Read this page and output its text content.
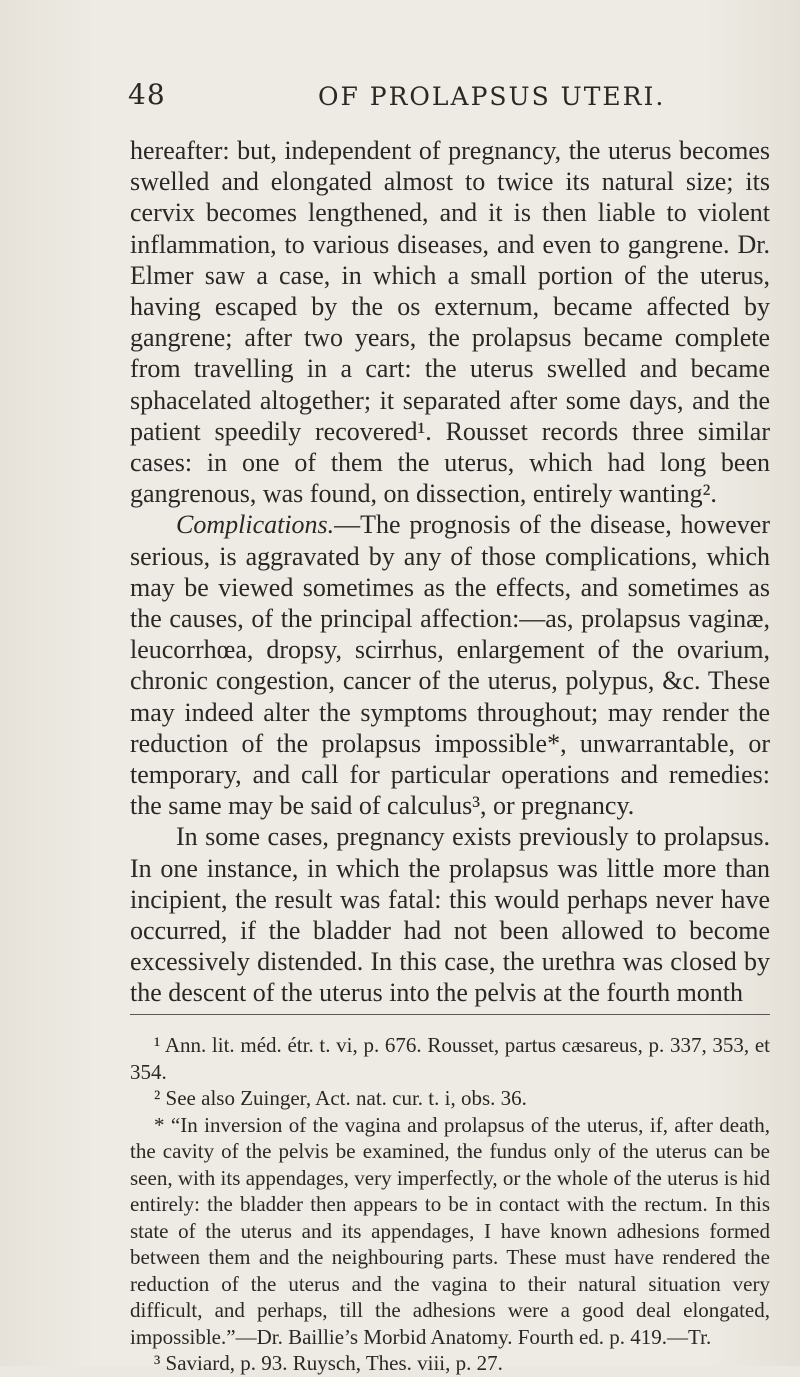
48	OF PROLAPSUS UTERI.

hereafter: but, independent of pregnancy, the uterus becomes swelled and elongated almost to twice its natural size; its cervix becomes lengthened, and it is then liable to violent inflammation, to various diseases, and even to gangrene. Dr. Elmer saw a case, in which a small portion of the uterus, having escaped by the os externum, became affected by gangrene; after two years, the prolapsus became complete from travelling in a cart: the uterus swelled and became sphacelated altogether; it separated after some days, and the patient speedily recovered¹. Rousset records three similar cases: in one of them the uterus, which had long been gangrenous, was found, on dissection, entirely wanting².

Complications.—The prognosis of the disease, however serious, is aggravated by any of those complications, which may be viewed sometimes as the effects, and sometimes as the causes, of the principal affection:—as, prolapsus vaginæ, leucorrhœa, dropsy, scirrhus, enlargement of the ovarium, chronic congestion, cancer of the uterus, polypus, &c. These may indeed alter the symptoms throughout; may render the reduction of the prolapsus impossible*, unwarrantable, or temporary, and call for particular operations and remedies: the same may be said of calculus³, or pregnancy.

In some cases, pregnancy exists previously to prolapsus. In one instance, in which the prolapsus was little more than incipient, the result was fatal: this would perhaps never have occurred, if the bladder had not been allowed to become excessively distended. In this case, the urethra was closed by the descent of the uterus into the pelvis at the fourth month

¹ Ann. lit. méd. étr. t. vi, p. 676. Rousset, partus cæsareus, p. 337, 353, et 354.

² See also Zuinger, Act. nat. cur. t. i, obs. 36.

* “In inversion of the vagina and prolapsus of the uterus, if, after death, the cavity of the pelvis be examined, the fundus only of the uterus can be seen, with its appendages, very imperfectly, or the whole of the uterus is hid entirely: the bladder then appears to be in contact with the rectum. In this state of the uterus and its appendages, I have known adhesions formed between them and the neighbouring parts. These must have rendered the reduction of the uterus and the vagina to their natural situation very difficult, and perhaps, till the adhesions were a good deal elongated, impossible.”—Dr. Baillie’s Morbid Anatomy. Fourth ed. p. 419.—Tr.

³ Saviard, p. 93. Ruysch, Thes. viii, p. 27.
